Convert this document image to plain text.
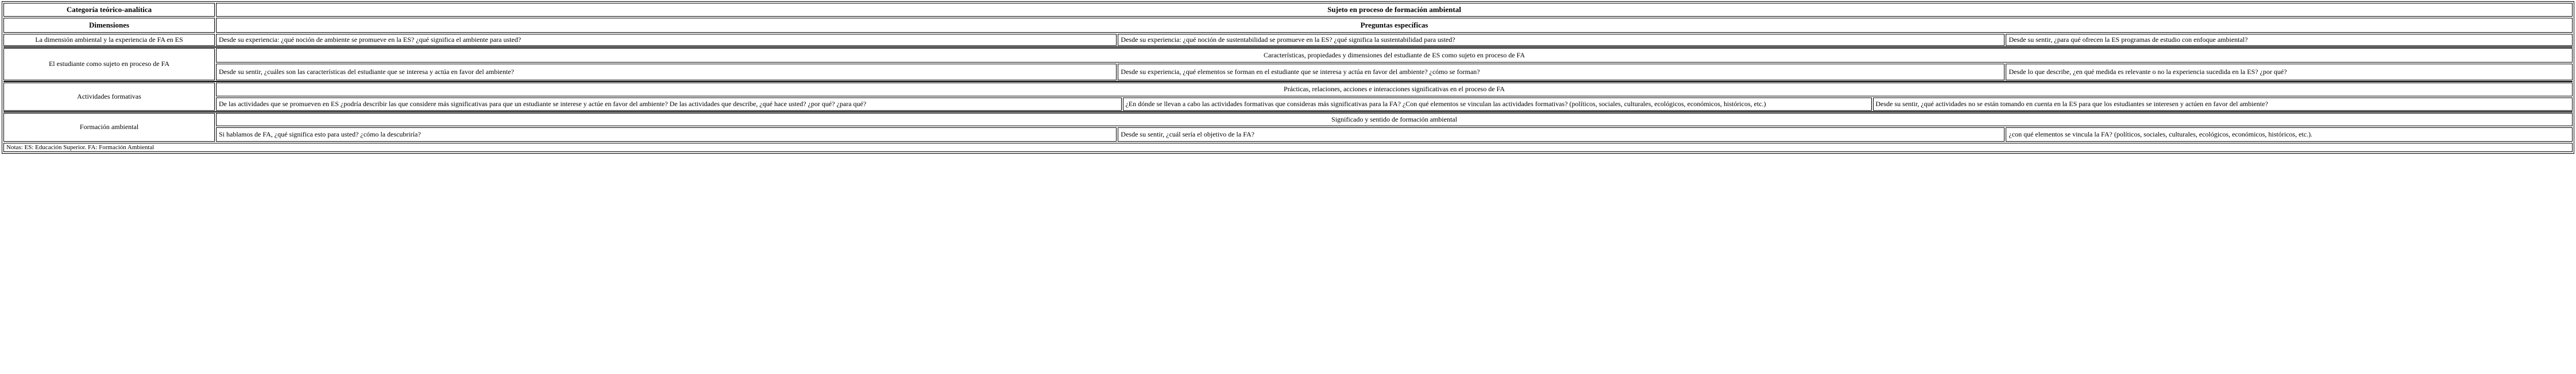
Categoría teórico-analítica	Sujeto en proceso de formación ambiental
Dimensiones	Preguntas específicas
La dimensión ambiental y la experiencia de FA en ES	Desde su experiencia: ¿qué noción de ambiente se promueve en la ES? ¿qué significa el ambiente para usted?	Desde su experiencia: ¿qué noción de sustentabilidad se promueve en la ES? ¿qué significa la sustentabilidad para usted?	Desde su sentir, ¿para qué ofrecen la ES programas de estudio con enfoque ambiental?
El estudiante como sujeto en proceso de FA
Características, propiedades y dimensiones del estudiante de ES como sujeto en proceso de FA
Desde su sentir, ¿cuáles son las características del estudiante que se interesa y actúa en favor del ambiente?	Desde su experiencia, ¿qué elementos se forman en el estudiante que se interesa y actúa en favor del ambiente? ¿cómo se forman?	Desde lo que describe, ¿en qué medida es relevante o no la experiencia sucedida en la ES? ¿por qué?
Actividades formativas
Prácticas, relaciones, acciones e interacciones significativas en el proceso de FA
De las actividades que se promueven en ES ¿podría describir las que considere más significativas para que un estudiante se interese y actúe en favor del ambiente? De las actividades que describe, ¿qué hace usted? ¿por qué? ¿para qué?	¿En dónde se llevan a cabo las actividades formativas que consideras más significativas para la FA? ¿Con qué elementos se vinculan las actividades formativas? (políticos, sociales, culturales, ecológicos, económicos, históricos, etc.)	Desde su sentir, ¿qué actividades no se están tomando en cuenta en la ES para que los estudiantes se interesen y actúen en favor del ambiente?
Formación ambiental
Significado y sentido de formación ambiental
Si hablamos de FA, ¿qué significa esto para usted? ¿cómo la descubriría?	Desde su sentir, ¿cuál sería el objetivo de la FA?	¿con qué elementos se vincula la FA? (políticos, sociales, culturales, ecológicos, económicos, históricos, etc.).
Notas: ES: Educación Superior. FA: Formación Ambiental
